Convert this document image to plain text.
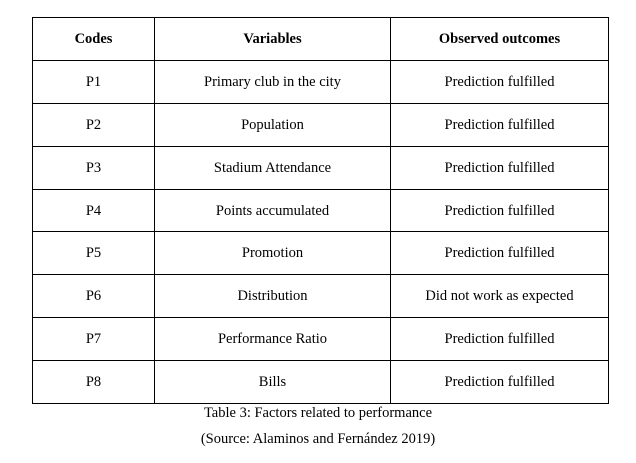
Codes	Variables	Observed outcomes
P1	Primary club in the city	Prediction fulfilled
P2	Population	Prediction fulfilled
P3	Stadium Attendance	Prediction fulfilled
P4	Points accumulated	Prediction fulfilled
P5	Promotion	Prediction fulfilled
P6	Distribution	Did not work as expected
P7	Performance Ratio	Prediction fulfilled
P8	Bills	Prediction fulfilled
Table 3: Factors related to performance
(Source: Alaminos and Fernández 2019)
